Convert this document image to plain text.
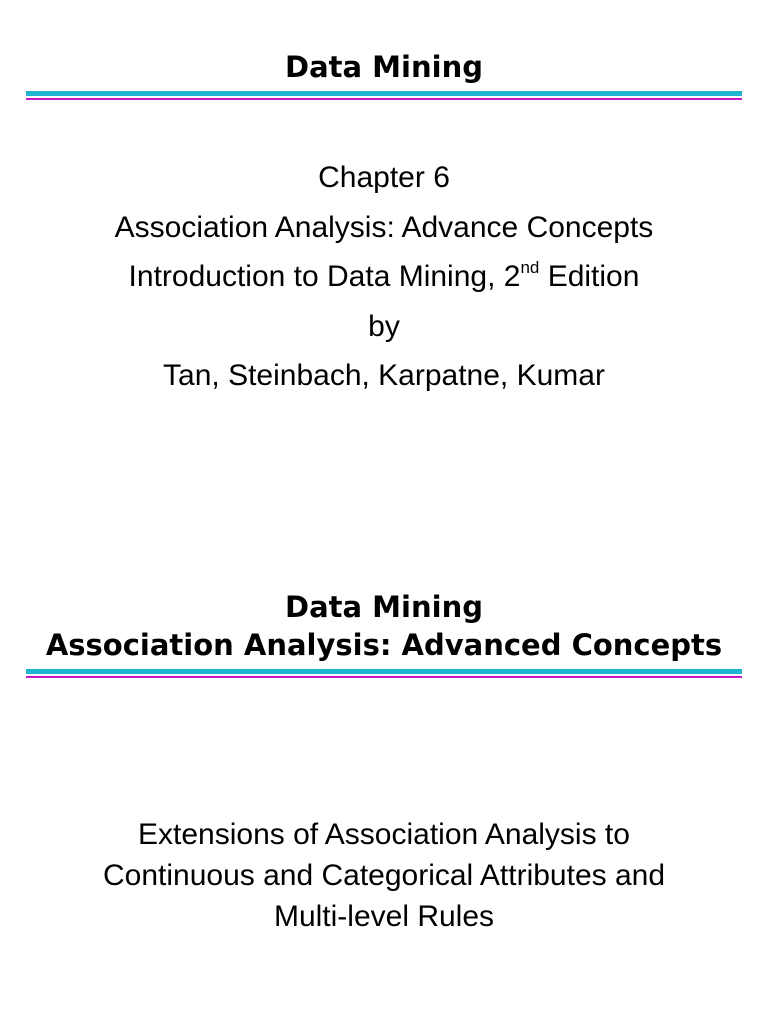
Data Mining
Chapter 6
Association Analysis: Advance Concepts
Introduction to Data Mining, 2nd Edition
by
Tan, Steinbach, Karpatne, Kumar
Data Mining
Association Analysis: Advanced Concepts
Extensions of Association Analysis to
Continuous and Categorical Attributes and
Multi-level Rules
